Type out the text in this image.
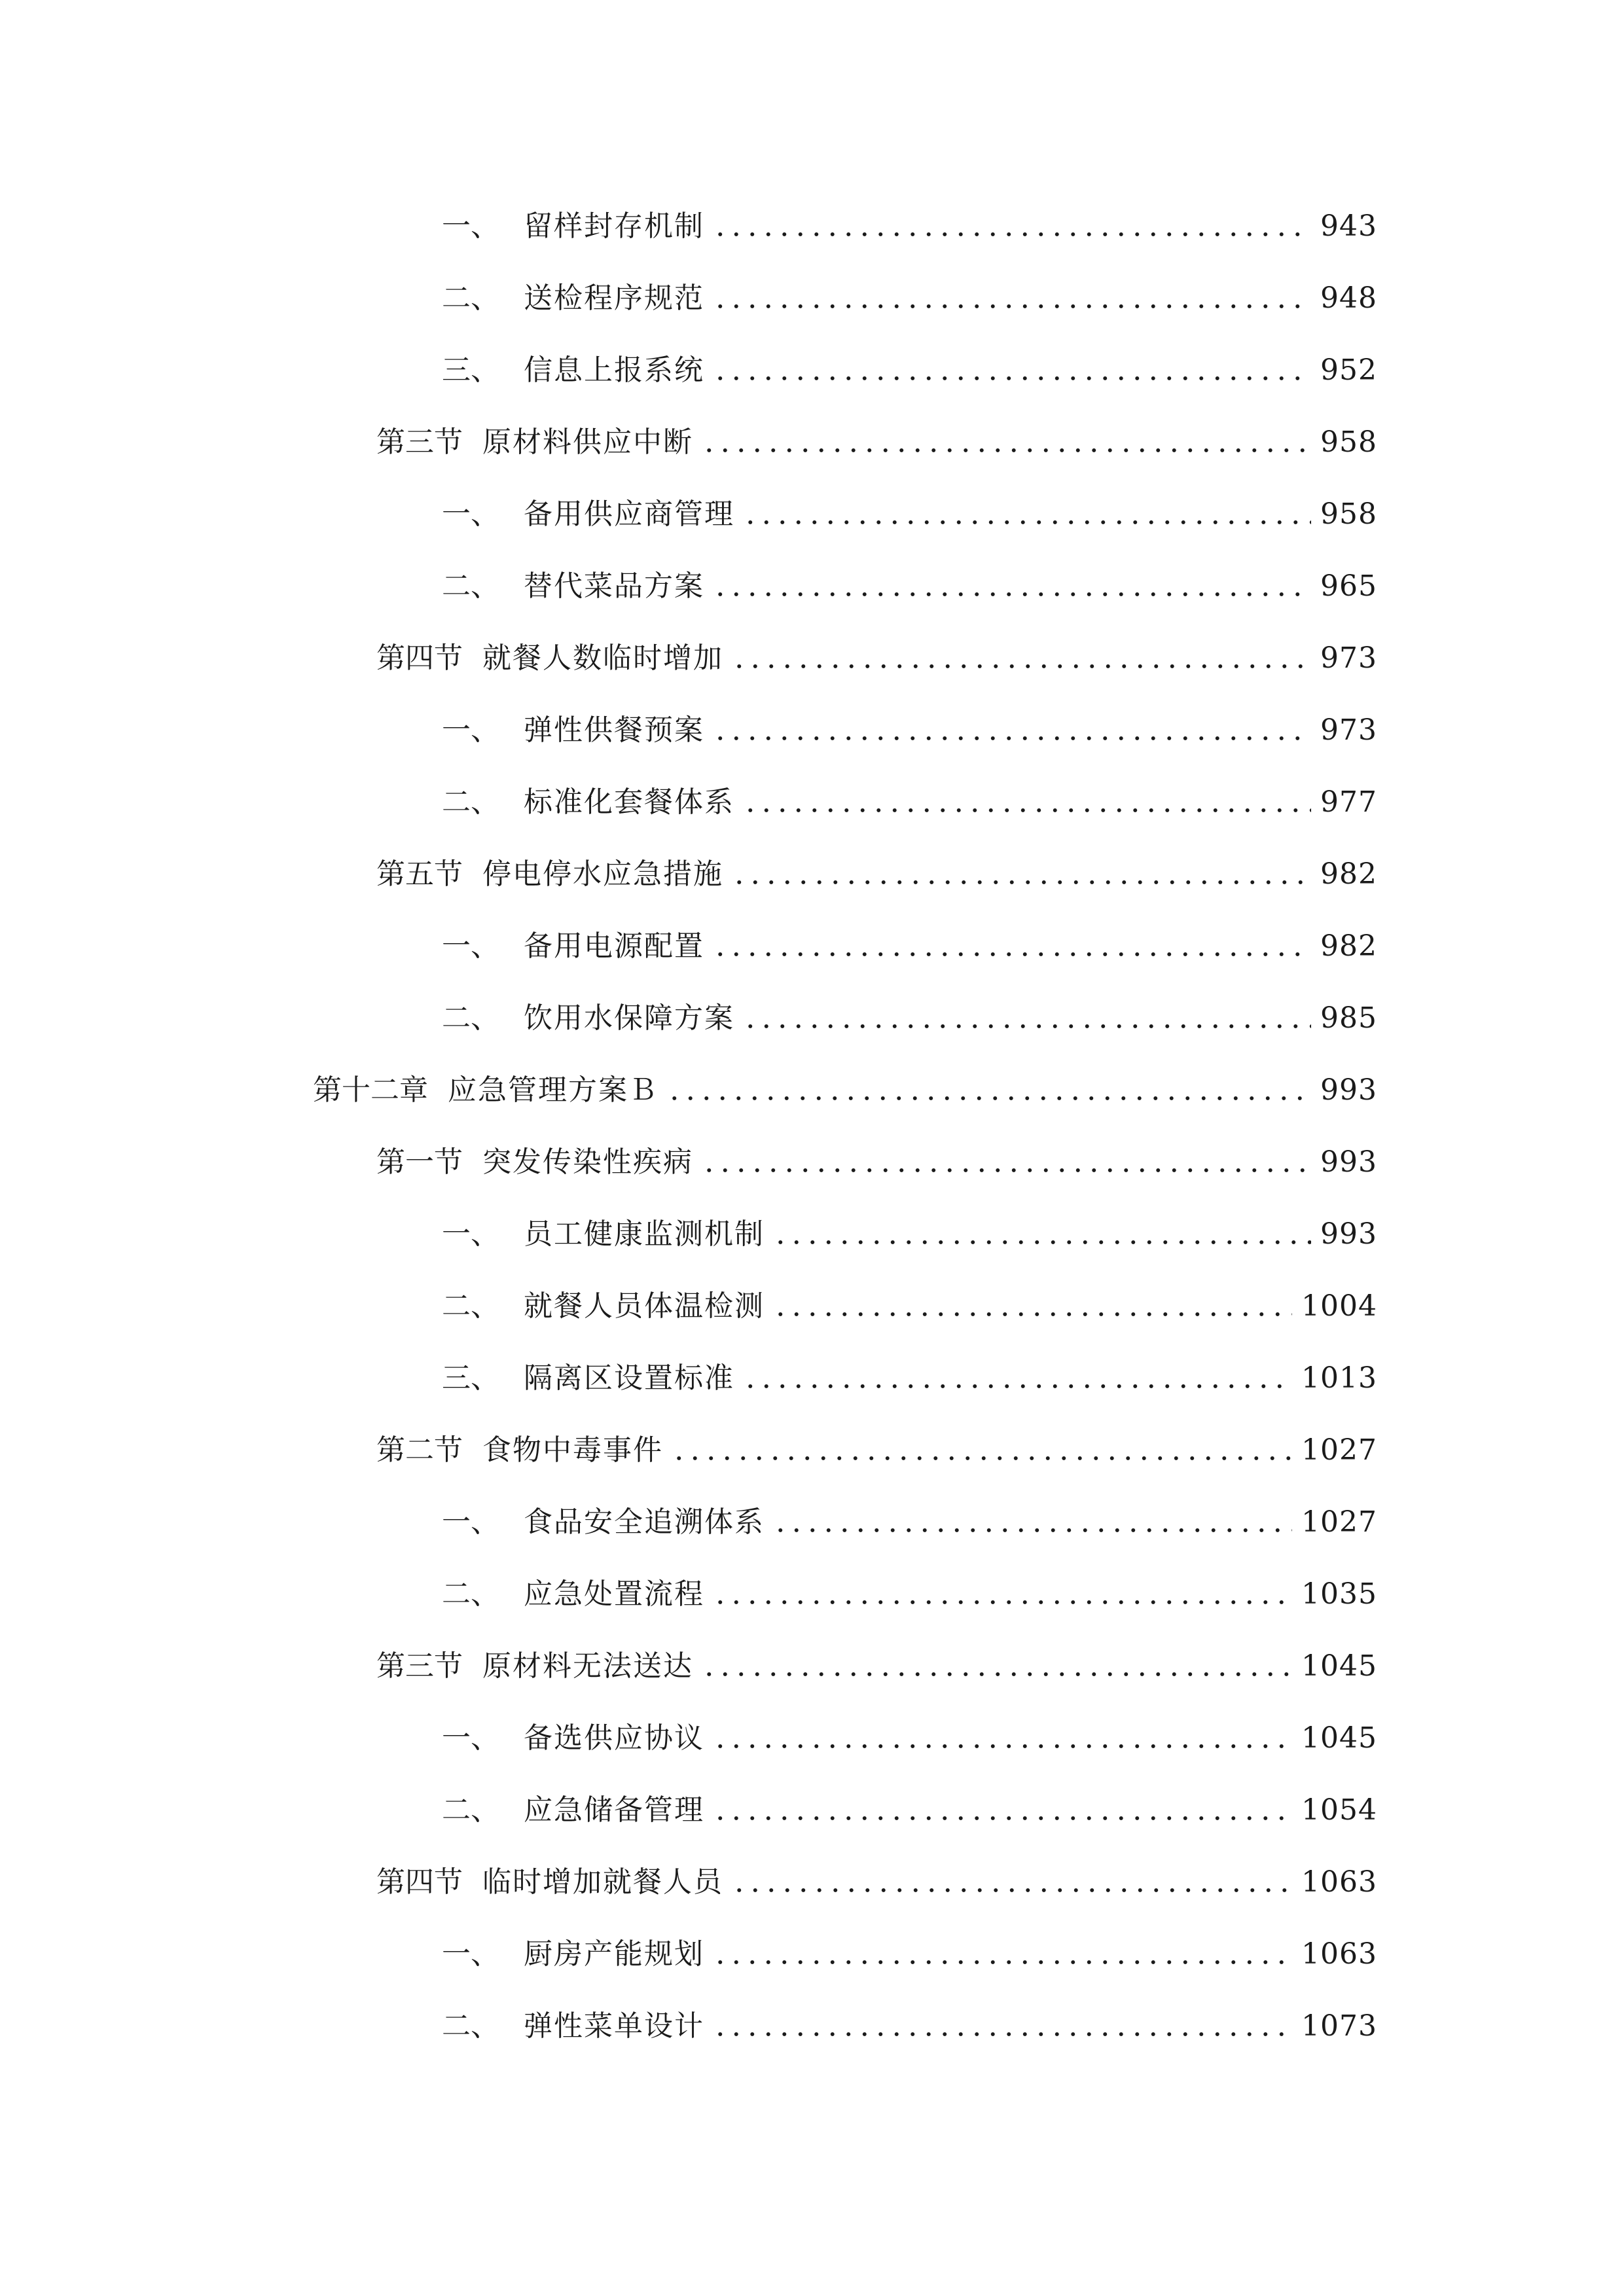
一、 留样封存机制	943
二、 送检程序规范	948
三、 信息上报系统	952
第三节 原材料供应中断	958
一、 备用供应商管理	958
二、 替代菜品方案	965
第四节 就餐人数临时增加	973
一、 弹性供餐预案	973
二、 标准化套餐体系	977
第五节 停电停水应急措施	982
一、 备用电源配置	982
二、 饮用水保障方案	985
第十二章 应急管理方案Ｂ	993
第一节 突发传染性疾病	993
一、 员工健康监测机制	993
二、 就餐人员体温检测	1004
三、 隔离区设置标准	1013
第二节 食物中毒事件	1027
一、 食品安全追溯体系	1027
二、 应急处置流程	1035
第三节 原材料无法送达	1045
一、 备选供应协议	1045
二、 应急储备管理	1054
第四节 临时增加就餐人员	1063
一、 厨房产能规划	1063
二、 弹性菜单设计	1073
